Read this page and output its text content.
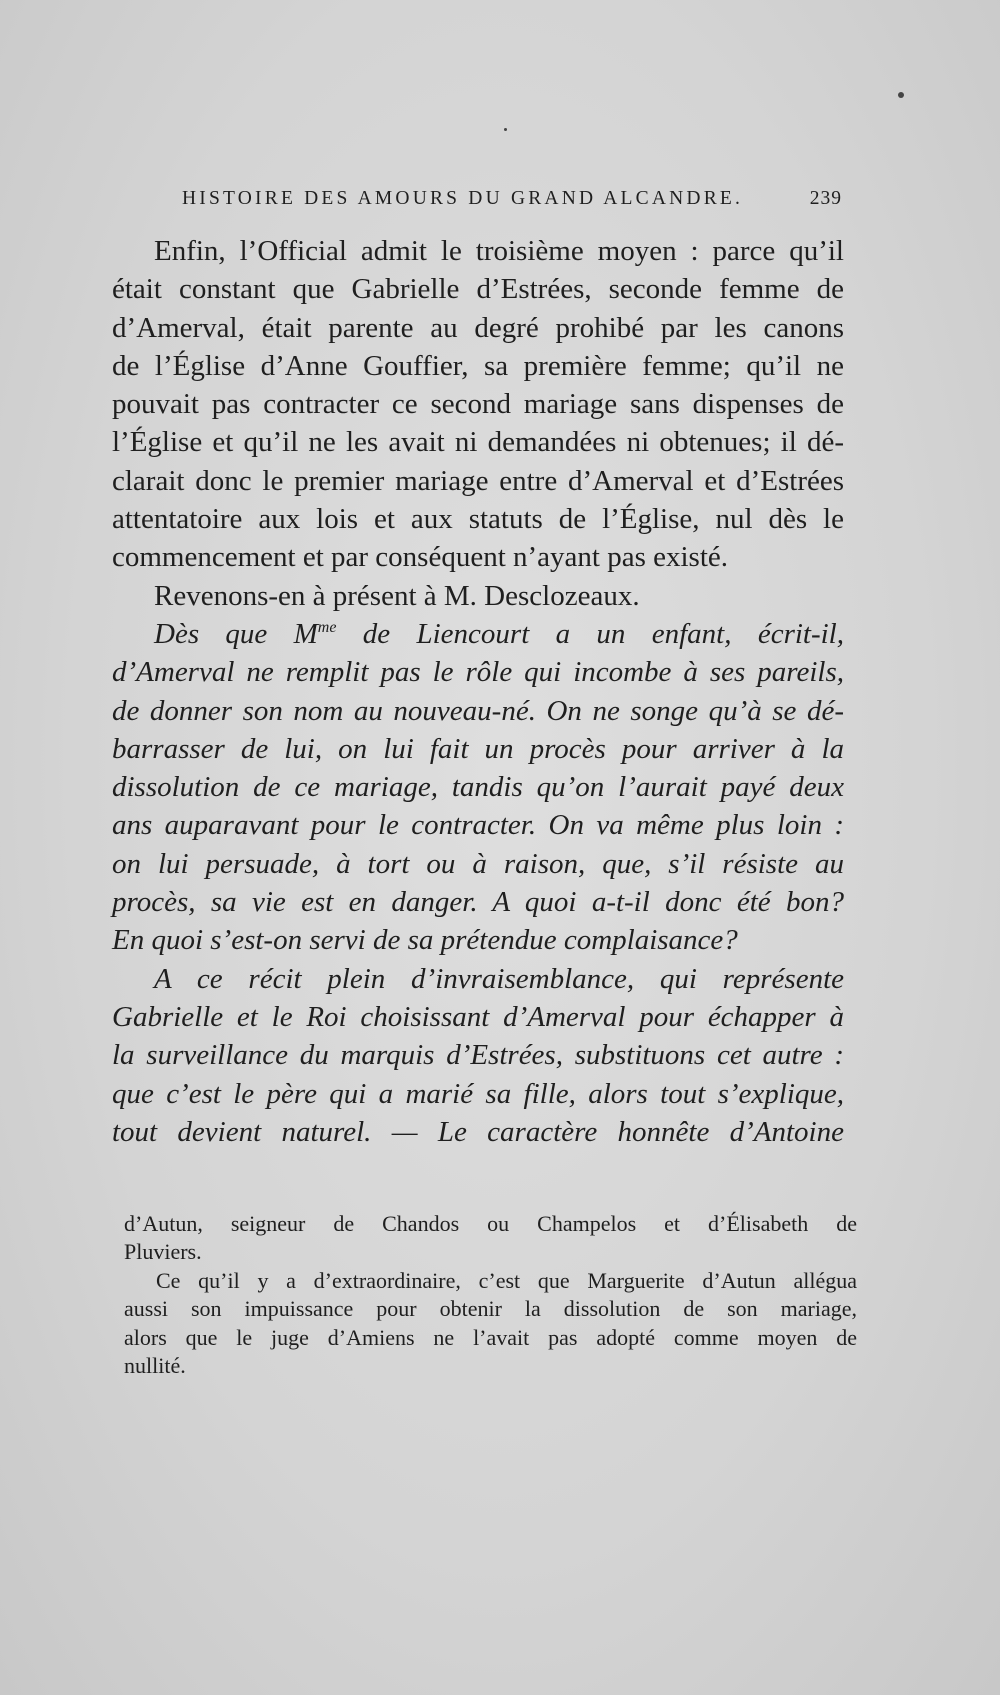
HISTOIRE DES AMOURS DU GRAND ALCANDRE.	239
Enfin, l’Official admit le troisième moyen : parce qu’il
était constant que Gabrielle d’Estrées, seconde femme de
d’Amerval, était parente au degré prohibé par les canons
de l’Église d’Anne Gouffier, sa première femme; qu’il ne
pouvait pas contracter ce second mariage sans dispenses de
l’Église et qu’il ne les avait ni demandées ni obtenues; il dé-
clarait donc le premier mariage entre d’Amerval et d’Estrées
attentatoire aux lois et aux statuts de l’Église, nul dès le
commencement et par conséquent n’ayant pas existé.
Revenons-en à présent à M. Desclozeaux.
Dès que $M^{me}$ de Liencourt a un enfant, écrit-il,
d’Amerval ne remplit pas le rôle qui incombe à ses pareils,
de donner son nom au nouveau-né. On ne songe qu’à se dé-
barrasser de lui, on lui fait un procès pour arriver à la
dissolution de ce mariage, tandis qu’on l’aurait payé deux
ans auparavant pour le contracter. On va même plus loin :
on lui persuade, à tort ou à raison, que, s’il résiste au
procès, sa vie est en danger. A quoi a-t-il donc été bon?
En quoi s’est-on servi de sa prétendue complaisance?
A ce récit plein d’invraisemblance, qui représente
Gabrielle et le Roi choisissant d’Amerval pour échapper à
la surveillance du marquis d’Estrées, substituons cet autre :
que c’est le père qui a marié sa fille, alors tout s’explique,
tout devient naturel. — Le caractère honnête d’Antoine
d’Autun, seigneur de Chandos ou Champelos et d’Élisabeth de
Pluviers.
Ce qu’il y a d’extraordinaire, c’est que Marguerite d’Autun allégua
aussi son impuissance pour obtenir la dissolution de son mariage,
alors que le juge d’Amiens ne l’avait pas adopté comme moyen de
nullité.
